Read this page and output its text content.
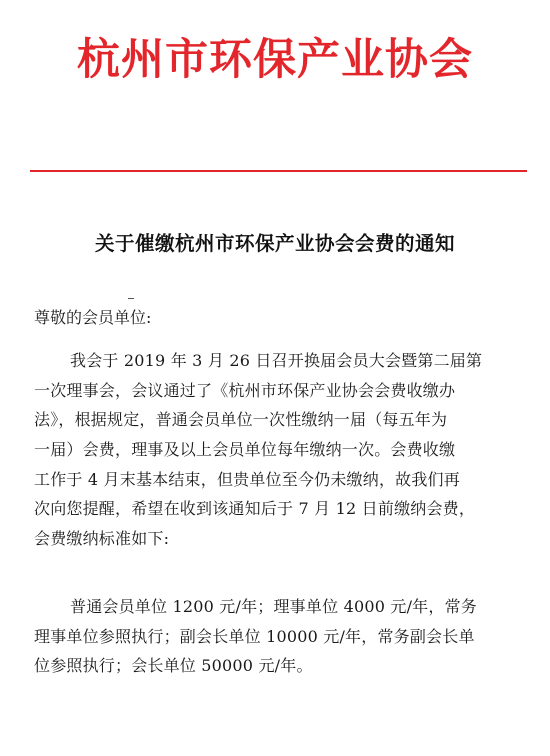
杭州市环保产业协会
关于催缴杭州市环保产业协会会费的通知
尊敬的会员单位:
我会于 2019 年 3 月 26 日召开换届会员大会暨第二届第
一次理事会，会议通过了《杭州市环保产业协会会费收缴办
法》，根据规定，普通会员单位一次性缴纳一届（每五年为
一届）会费，理事及以上会员单位每年缴纳一次。会费收缴
工作于 4 月末基本结束，但贵单位至今仍未缴纳，故我们再
次向您提醒，希望在收到该通知后于 7 月 12 日前缴纳会费，
会费缴纳标准如下:
普通会员单位 1200 元/年；理事单位 4000 元/年，常务
理事单位参照执行；副会长单位 10000 元/年，常务副会长单
位参照执行；会长单位 50000 元/年。
